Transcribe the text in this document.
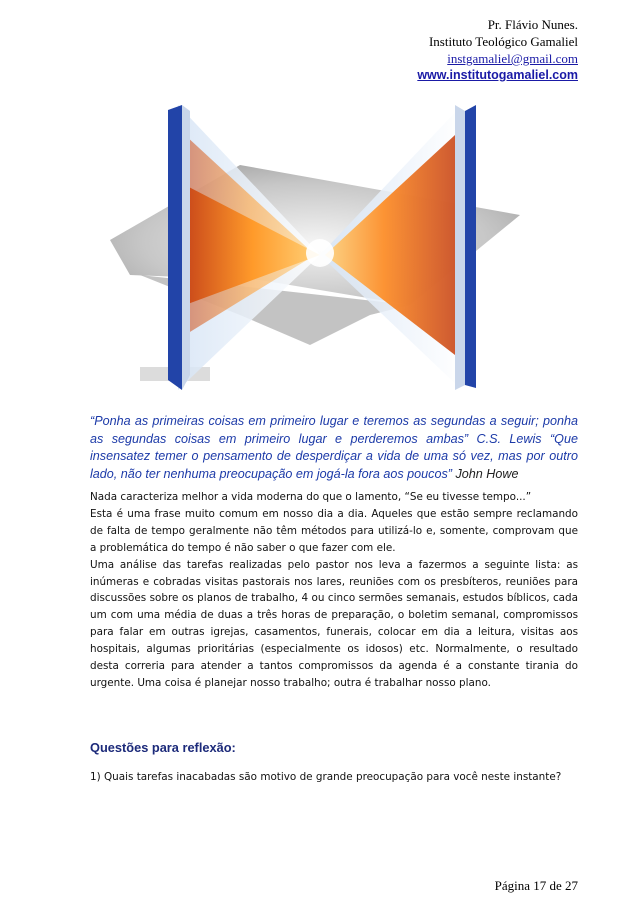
Pr. Flávio Nunes.
Instituto Teológico Gamaliel
instgamaliel@gmail.com
www.institutogamaliel.com
“Ponha as primeiras coisas em primeiro lugar e teremos as segundas a seguir; ponha as segundas coisas em primeiro lugar e perderemos ambas” C.S. Lewis “Que insensatez temer o pensamento de desperdiçar a vida de uma só vez, mas por outro lado, não ter nenhuma preocupação em jogá-la fora aos poucos” John Howe

Nada caracteriza melhor a vida moderna do que o lamento, “Se eu tivesse tempo...”

Esta é uma frase muito comum em nosso dia a dia. Aqueles que estão sempre reclamando de falta de tempo geralmente não têm métodos para utilizá-lo e, somente, comprovam que a problemática do tempo é não saber o que fazer com ele.

Uma análise das tarefas realizadas pelo pastor nos leva a fazermos a seguinte lista: as inúmeras e cobradas visitas pastorais nos lares, reuniões com os presbíteros, reuniões para discussões sobre os planos de trabalho, 4 ou cinco sermões semanais, estudos bíblicos, cada um com uma média de duas a três horas de preparação, o boletim semanal, compromissos para falar em outras igrejas, casamentos, funerais, colocar em dia a leitura, visitas aos hospitais, algumas prioritárias (especialmente os idosos) etc. Normalmente, o resultado desta correria para atender a tantos compromissos da agenda é a constante tirania do urgente. Uma coisa é planejar nosso trabalho; outra é trabalhar nosso plano.

Questões para reflexão:
1) Quais tarefas inacabadas são motivo de grande preocupação para você neste instante?
Página 17 de 27
